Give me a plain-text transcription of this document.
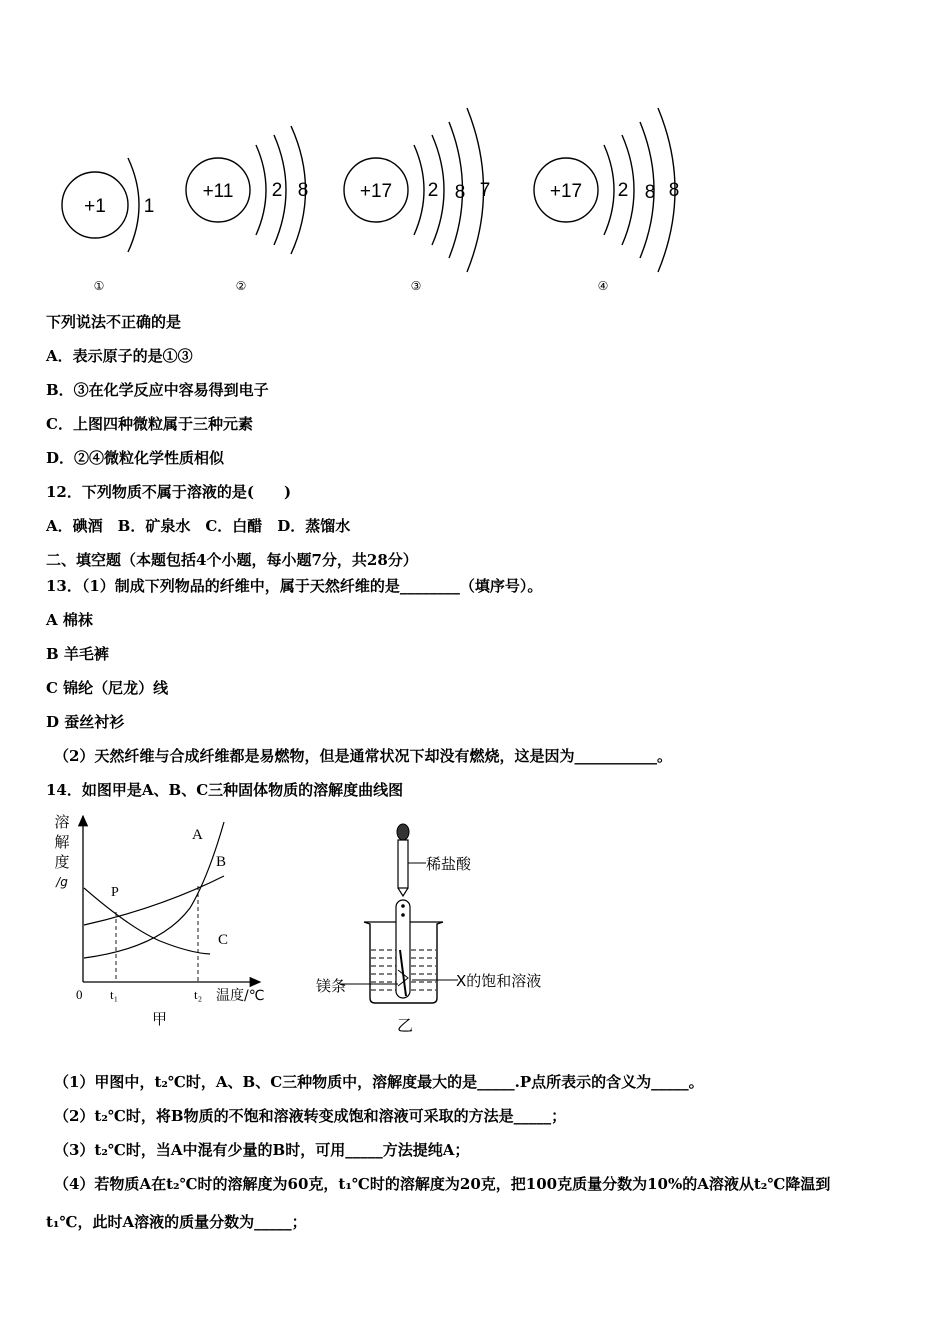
+1 1
①
+11 2 8
②
+17 2 8 7
③
+17 2 8 8
④
下列说法不正确的是
A．表示原子的是①③
B．③在化学反应中容易得到电子
C．上图四种微粒属于三种元素
D．②④微粒化学性质相似
12．下列物质不属于溶液的是(　　)
A．碘酒　B．矿泉水　C．白醋　D．蒸馏水
二、填空题（本题包括4个小题，每小题7分，共28分）
13．（1）制成下列物品的纤维中，属于天然纤维的是________（填序号）。
A 棉袜
B 羊毛裤
C 锦纶（尼龙）线
D 蚕丝衬衫
（2）天然纤维与合成纤维都是易燃物，但是通常状况下却没有燃烧，这是因为___________。
14．如图甲是A、B、C三种固体物质的溶解度曲线图
溶
解
度
/g
0 t₁	t₂ 温度/℃
A
B
C
P
甲
稀盐酸
镁条	X的饱和溶液
乙
（1）甲图中，t₂℃时，A、B、C三种物质中，溶解度最大的是_____.P点所表示的含义为_____。
（2）t₂℃时，将B物质的不饱和溶液转变成饱和溶液可采取的方法是_____；
（3）t₂℃时，当A中混有少量的B时，可用_____方法提纯A；
（4）若物质A在t₂℃时的溶解度为60克，t₁℃时的溶解度为20克，把100克质量分数为10%的A溶液从t₂℃降温到
t₁℃，此时A溶液的质量分数为_____；
